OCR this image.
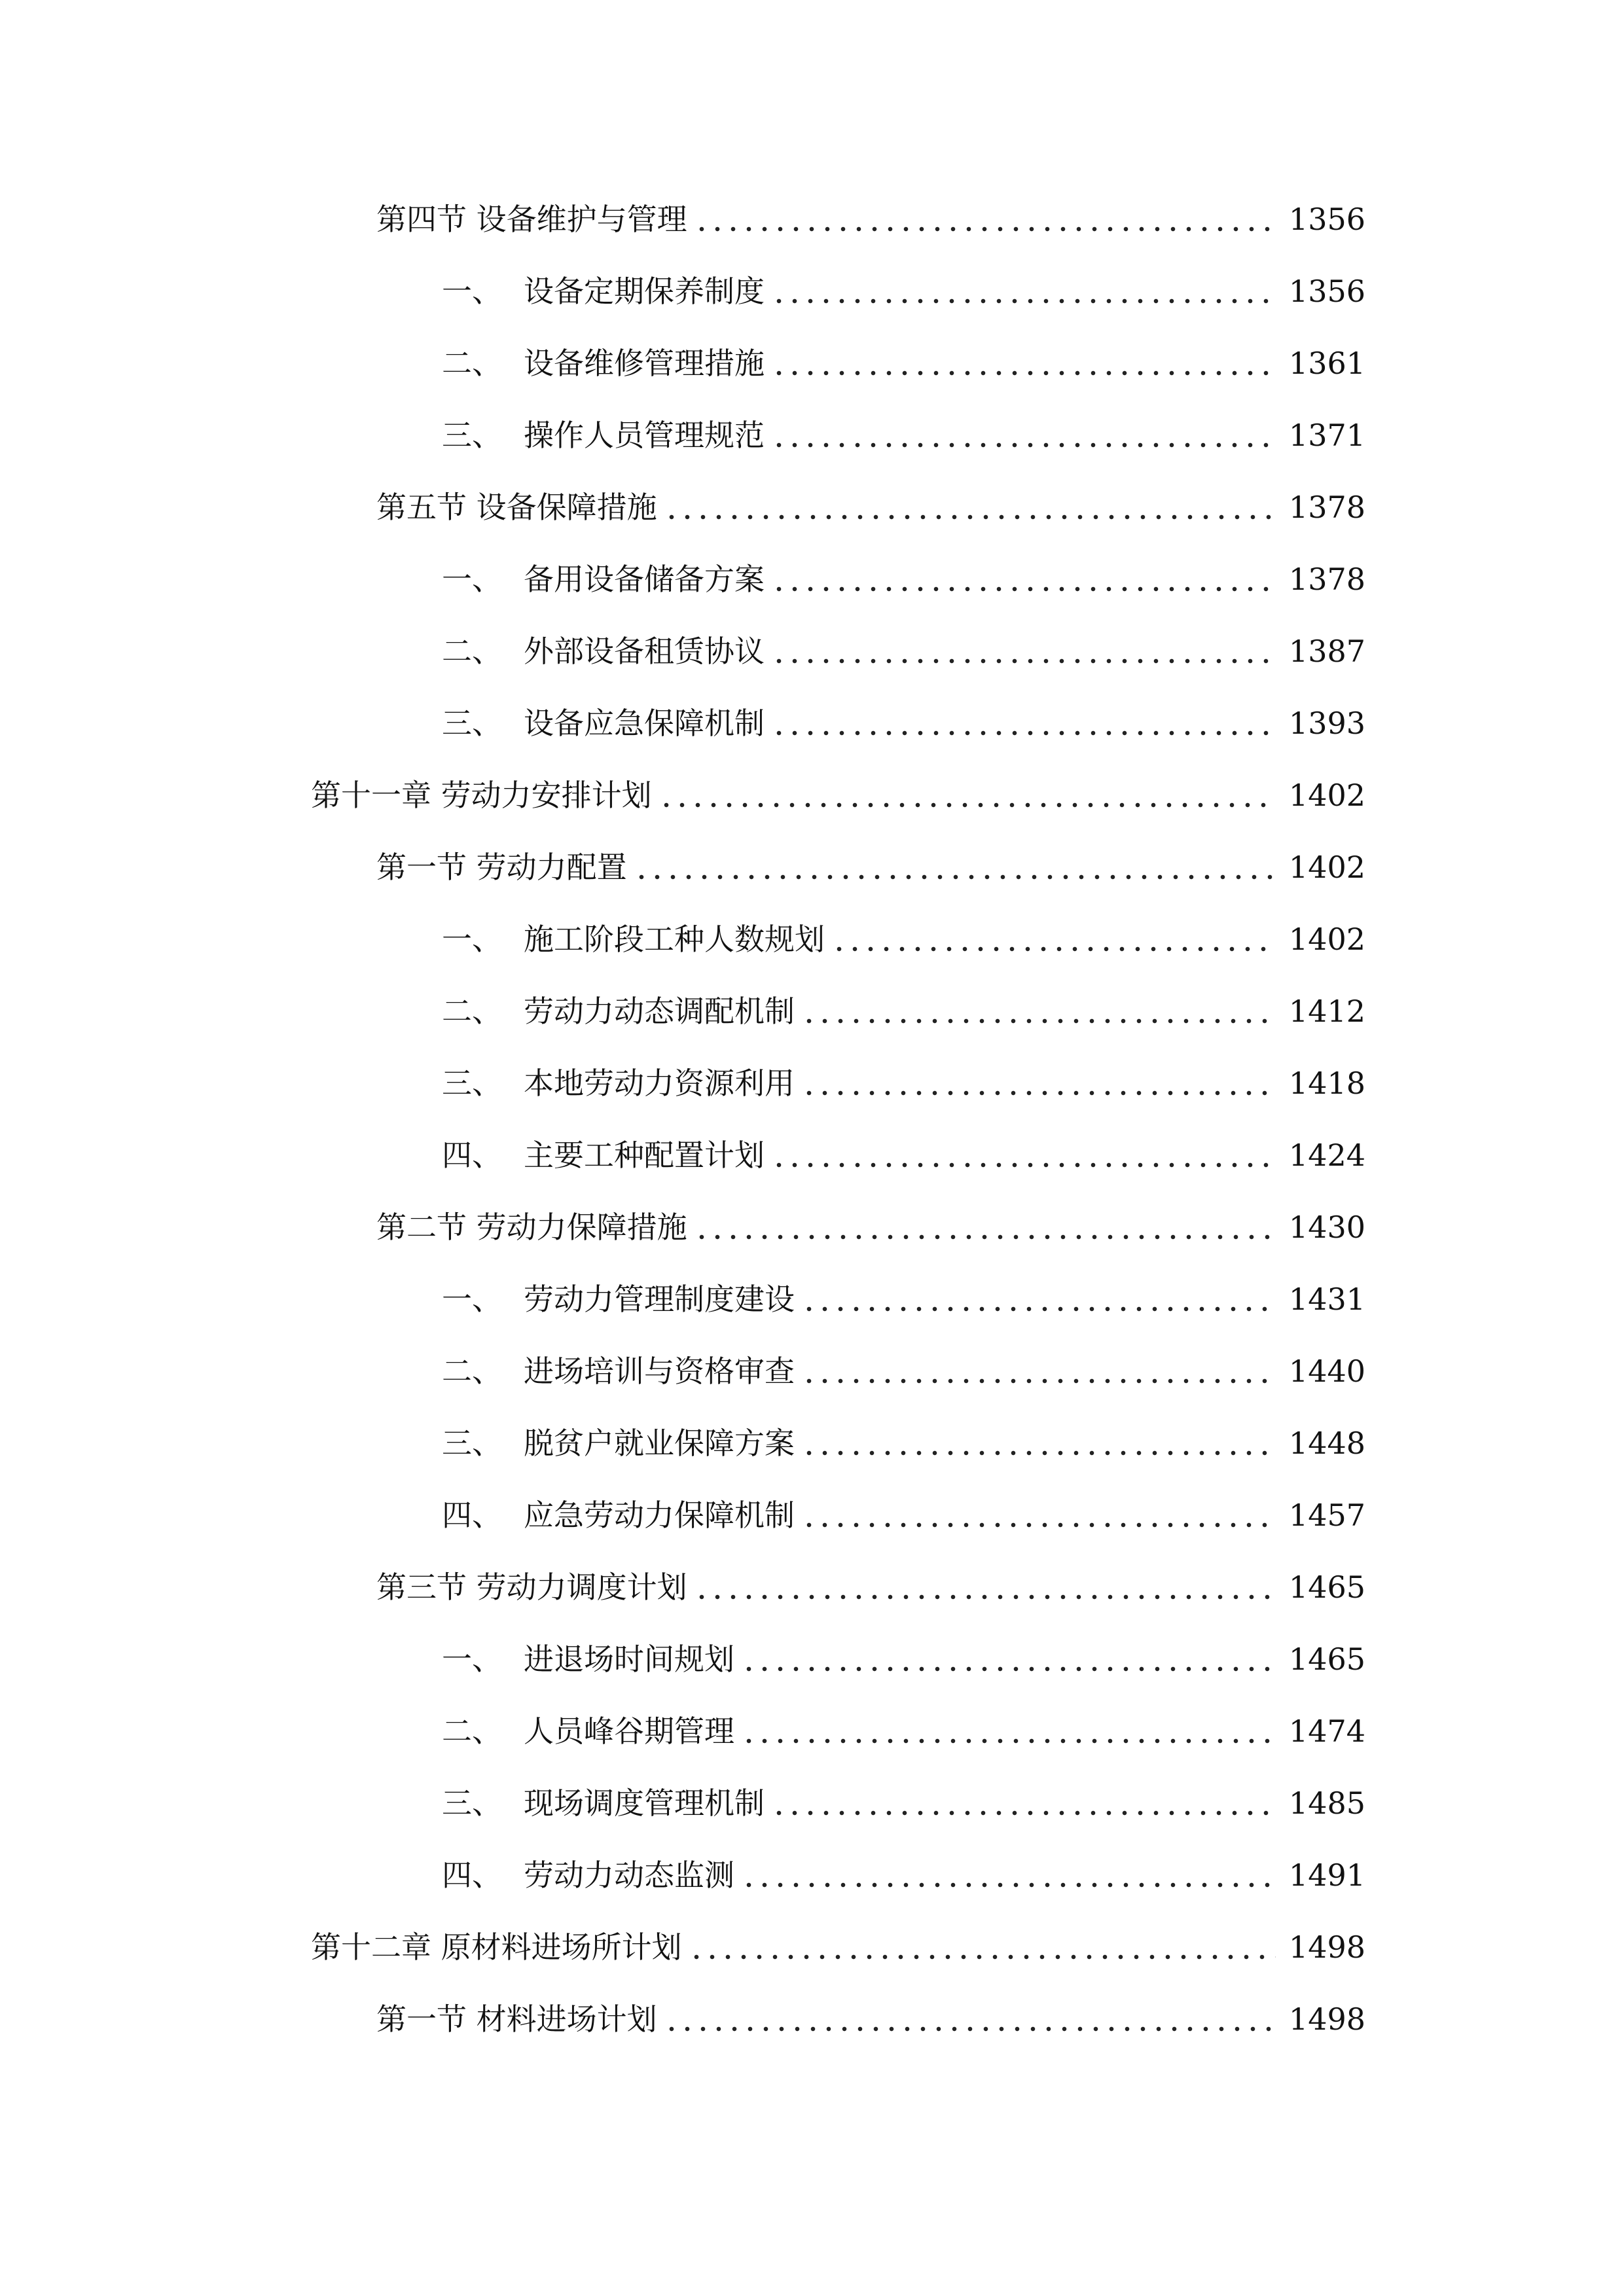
第四节 设备维护与管理	1356
一、 设备定期保养制度	1356
二、 设备维修管理措施	1361
三、 操作人员管理规范	1371
第五节 设备保障措施	1378
一、 备用设备储备方案	1378
二、 外部设备租赁协议	1387
三、 设备应急保障机制	1393
第十一章 劳动力安排计划	1402
第一节 劳动力配置	1402
一、 施工阶段工种人数规划	1402
二、 劳动力动态调配机制	1412
三、 本地劳动力资源利用	1418
四、 主要工种配置计划	1424
第二节 劳动力保障措施	1430
一、 劳动力管理制度建设	1431
二、 进场培训与资格审查	1440
三、 脱贫户就业保障方案	1448
四、 应急劳动力保障机制	1457
第三节 劳动力调度计划	1465
一、 进退场时间规划	1465
二、 人员峰谷期管理	1474
三、 现场调度管理机制	1485
四、 劳动力动态监测	1491
第十二章 原材料进场所计划	1498
第一节 材料进场计划	1498
